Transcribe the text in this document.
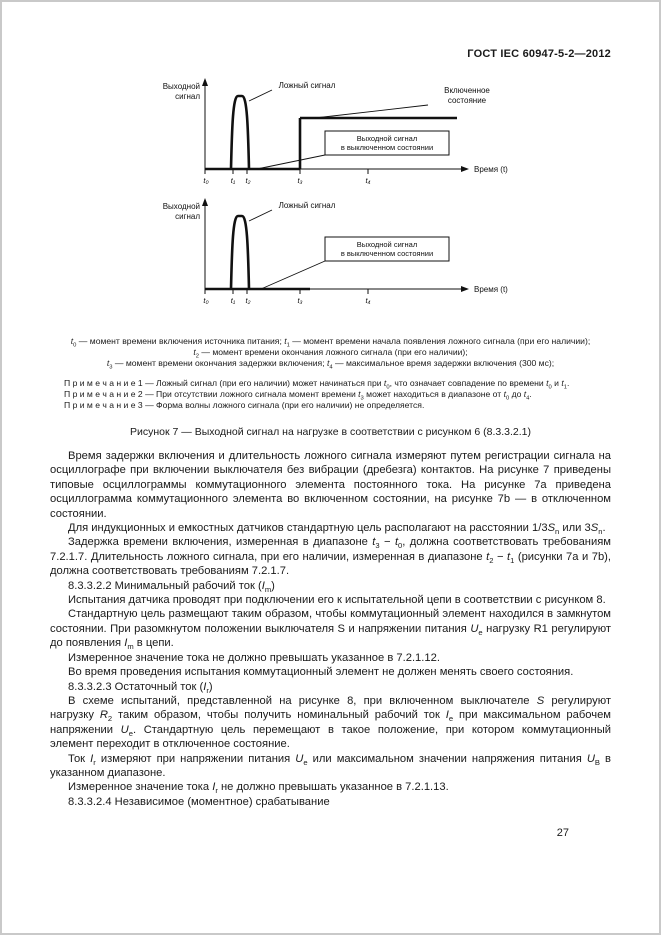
ГОСТ IEC 60947-5-2—2012
Выходной
сигнал
Время (t)
t₀	t₁ t₂	t₃	t₄
Ложный сигнал
Включенное
состояние
Выходной сигнал
в выключенном состоянии
Выходной
сигнал
Время (t)
t₀	t₁ t₂	t₃	t₄
Ложный сигнал
Выходной сигнал
в выключенном состоянии
$t_0$ — момент времени включения источника питания; $t_1$ — момент времени начала появления ложного сигнала (при его наличии);
$t_2$ — момент времени окончания ложного сигнала (при его наличии);
$t_3$ — момент времени окончания задержки включения; $t_4$ — максимальное время задержки включения (300 мс);

П р и м е ч а н и е 1 — Ложный сигнал (при его наличии) может начинаться при $t_0$, что означает совпадение по времени $t_0$ и $t_1$.

П р и м е ч а н и е 2 — При отсутствии ложного сигнала момент времени $t_3$ может находиться в диапазоне от $t_0$ до $t_4$.

П р и м е ч а н и е 3 — Форма волны ложного сигнала (при его наличии) не определяется.

Рисунок 7 — Выходной сигнал на нагрузке в соответствии с рисунком 6 (8.3.3.2.1)

Время задержки включения и длительность ложного сигнала измеряют путем регистрации сигнала на осциллографе при включении выключателя без вибрации (дребезга) контактов. На рисунке 7 приведены типовые осциллограммы коммутационного элемента постоянного тока. На рисунке 7а приведена осциллограмма коммутационного элемента во включенном состоянии, на рисунке 7b — в отключенном состоянии.

Для индукционных и емкостных датчиков стандартную цель располагают на расстоянии $1/3S_n$ или $3S_n$.

Задержка времени включения, измеренная в диапазоне $t_3 - t_0$, должна соответствовать требованиям 7.2.1.7. Длительность ложного сигнала, при его наличии, измеренная в диапазоне $t_2 - t_1$ (рисунки 7а и 7b), должна соответствовать требованиям 7.2.1.7.

8.3.3.2.2 Минимальный рабочий ток $(I_m)$

Испытания датчика проводят при подключении его к испытательной цепи в соответствии с рисунком 8.

Стандартную цель размещают таким образом, чтобы коммутационный элемент находился в замкнутом состоянии. При разомкнутом положении выключателя S и напряжении питания $U_e$ нагрузку R1 регулируют до появления $I_m$ в цепи.

Измеренное значение тока не должно превышать указанное в 7.2.1.12.

Во время проведения испытания коммутационный элемент не должен менять своего состояния.

8.3.3.2.3 Остаточный ток $(I_r)$

В схеме испытаний, представленной на рисунке 8, при включенном выключателе S регулируют нагрузку $R_2$ таким образом, чтобы получить номинальный рабочий ток $I_e$ при максимальном рабочем напряжении $U_e$. Стандартную цель перемещают в такое положение, при котором коммутационный элемент переходит в отключенное состояние.

Ток $I_r$ измеряют при напряжении питания $U_e$ или максимальном значении напряжения питания $U_B$ в указанном диапазоне.

Измеренное значение тока $I_r$ не должно превышать указанное в 7.2.1.13.

8.3.3.2.4 Независимое (моментное) срабатывание

27
